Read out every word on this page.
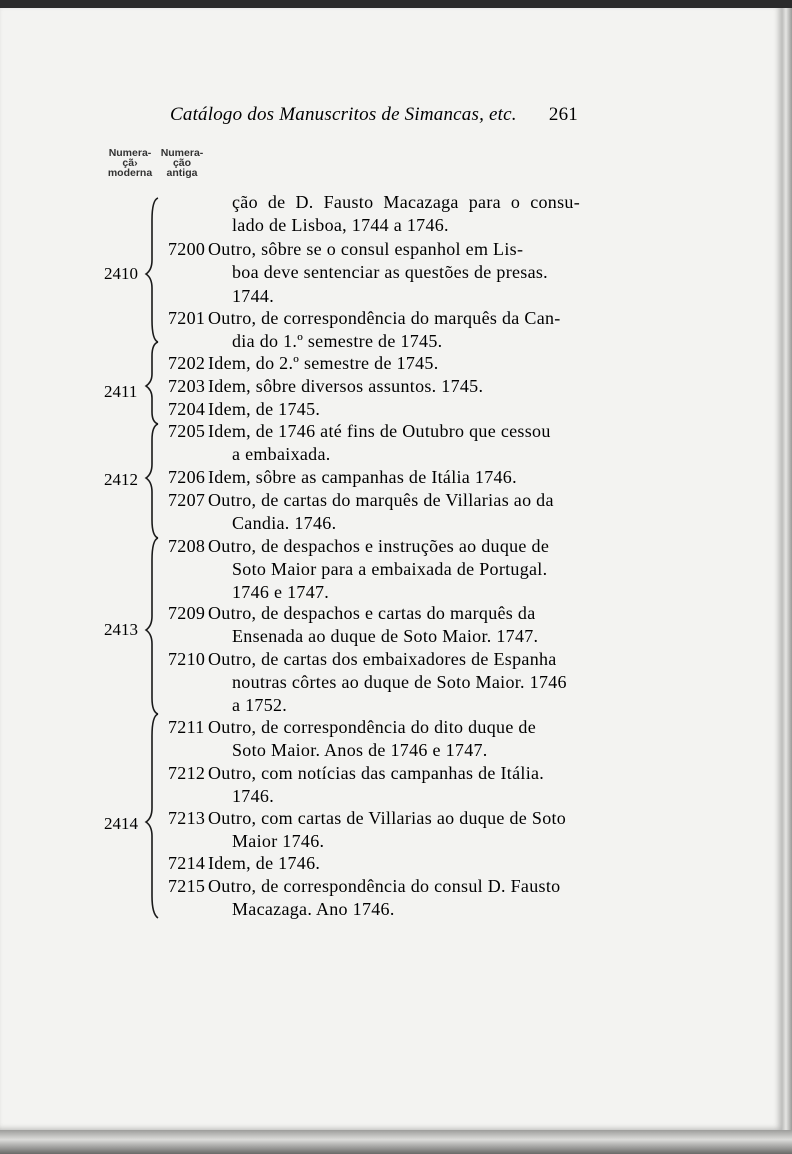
Catálogo dos Manuscritos de Simancas, etc. 261
Numera-
çã›
moderna
Numera-
ção
antiga
2410
2411
2412
2413
2414
ção de D. Fausto Macazaga para o consu-
lado de Lisboa, 1744 a 1746.
7200 Outro, sôbre se o consul espanhol em Lis-
boa deve sentenciar as questões de presas.
1744.
7201 Outro, de correspondência do marquês da Can-
dia do 1.º semestre de 1745.
7202 Idem, do 2.º semestre de 1745.
7203 Idem, sôbre diversos assuntos. 1745.
7204 Idem, de 1745.
7205 Idem, de 1746 até fins de Outubro que cessou
a embaixada.
7206 Idem, sôbre as campanhas de Itália 1746.
7207 Outro, de cartas do marquês de Villarias ao da
Candia. 1746.
7208 Outro, de despachos e instruções ao duque de
Soto Maior para a embaixada de Portugal.
1746 e 1747.
7209 Outro, de despachos e cartas do marquês da
Ensenada ao duque de Soto Maior. 1747.
7210 Outro, de cartas dos embaixadores de Espanha
noutras côrtes ao duque de Soto Maior. 1746
a 1752.
7211 Outro, de correspondência do dito duque de
Soto Maior. Anos de 1746 e 1747.
7212 Outro, com notícias das campanhas de Itália.
1746.
7213 Outro, com cartas de Villarias ao duque de Soto
Maior 1746.
7214 Idem, de 1746.
7215 Outro, de correspondência do consul D. Fausto
Macazaga. Ano 1746.
